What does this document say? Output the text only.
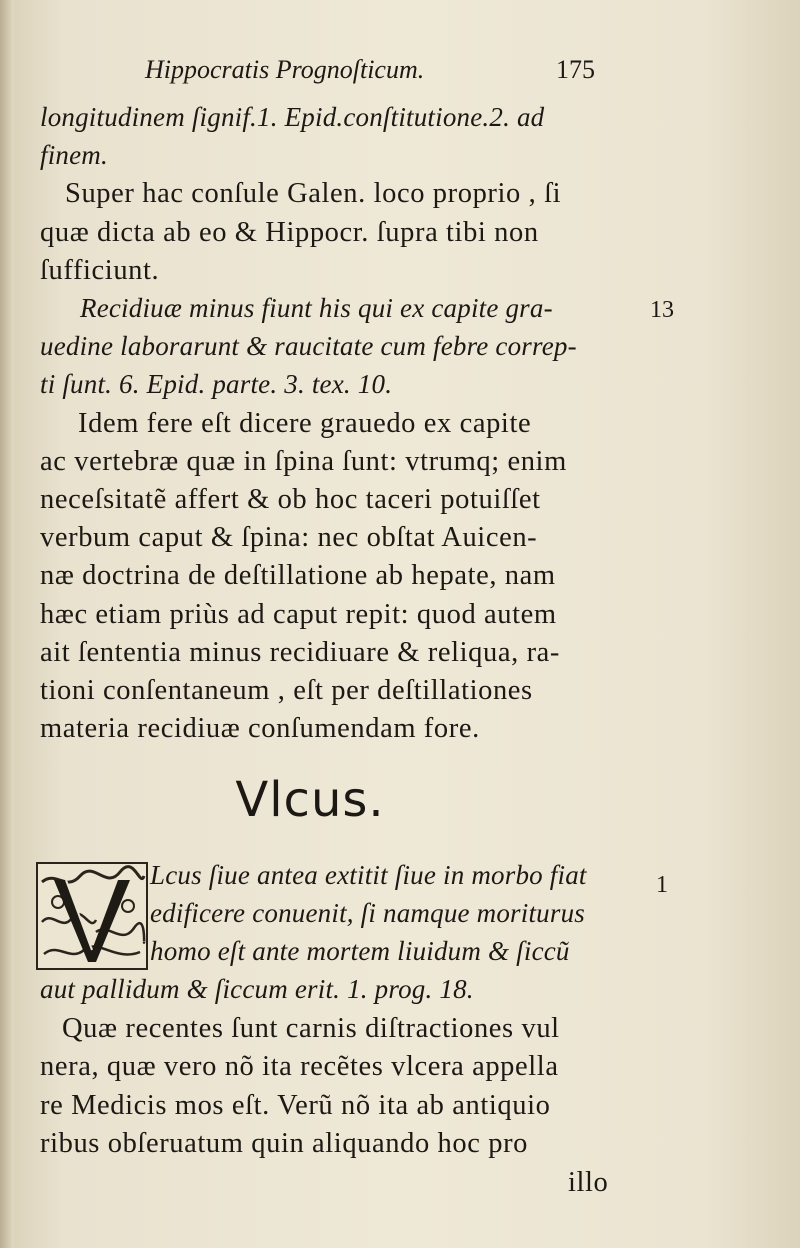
Hippocratis Prognoſticum.	175
longitudinem ſignif.1. Epid.conſtitutione.2. ad
finem.
Super hac conſule Galen. loco proprio , ſi
quæ dicta ab eo & Hippocr. ſupra tibi non
ſufficiunt.
Recidiuæ minus fiunt his qui ex capite gra-
uedine laborarunt & raucitate cum febre correp-
ti ſunt. 6. Epid. parte. 3. tex. 10.
Idem fere eſt dicere grauedo ex capite
ac vertebræ quæ in ſpina ſunt: vtrumq; enim
neceſsitatẽ affert & ob hoc taceri potuiſſet
verbum caput & ſpina: nec obſtat Auicen-
næ doctrina de deſtillatione ab hepate, nam
hæc etiam priùs ad caput repit: quod autem
ait ſententia minus recidiuare & reliqua, ra-
tioni conſentaneum , eſt per deſtillationes
materia recidiuæ conſumendam fore.
13
Vlcus.
Lcus ſiue antea extitit ſiue in morbo fiat
edificere conuenit, ſi namque moriturus
homo eſt ante mortem liuidum & ſiccũ
aut pallidum & ſiccum erit. 1. prog. 18.
Quæ recentes ſunt carnis diſtractiones vul
nera, quæ vero nõ ita recẽtes vlcera appella
re Medicis mos eſt. Verũ nõ ita ab antiquio
ribus obſeruatum quin aliquando hoc pro
illo
1
